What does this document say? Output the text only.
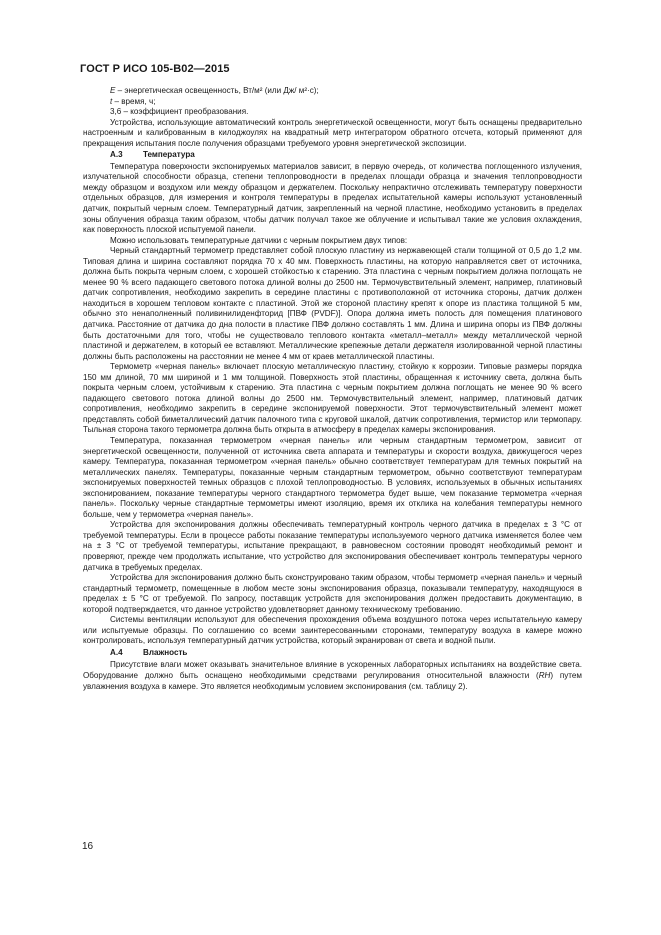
ГОСТ Р ИСО 105-В02—2015

E – энергетическая освещенность, Вт/м² (или Дж/ м²·с);

t – время, ч;

3,6 – коэффициент преобразования.

Устройства, использующие автоматический контроль энергетической освещенности, могут быть оснащены предварительно настроенным и калиброванным в килоджоулях на квадратный метр интегратором обратного отсчета, который применяют для прекращения испытания после получения образцами требуемого уровня энергетической экспозиции.

А.3	Температура

Температура поверхности экспонируемых материалов зависит, в первую очередь, от количества поглощенного излучения, излучательной способности образца, степени теплопроводности в пределах площади образца и значения теплопроводности между образцом и воздухом или между образцом и держателем. Поскольку непрактично отслеживать температуру поверхности отдельных образцов, для измерения и контроля температуры в пределах испытательной камеры используют установленный датчик, покрытый черным слоем. Температурный датчик, закрепленный на черной пластине, необходимо установить в пределах зоны облучения образца таким образом, чтобы датчик получал такое же облучение и испытывал такие же условия охлаждения, как поверхность плоской испытуемой панели.

Можно использовать температурные датчики с черным покрытием двух типов:

Черный стандартный термометр представляет собой плоскую пластину из нержавеющей стали толщиной от 0,5 до 1,2 мм. Типовая длина и ширина составляют порядка 70 х 40 мм. Поверхность пластины, на которую направляется свет от источника, должна быть покрыта черным слоем, с хорошей стойкостью к старению. Эта пластина с черным покрытием должна поглощать не менее 90 % всего падающего светового потока длиной волны до 2500 нм. Термочувствительный элемент, например, платиновый датчик сопротивления, необходимо закрепить в середине пластины с противоположной от источника стороны, датчик должен находиться в хорошем тепловом контакте с пластиной. Этой же стороной пластину крепят к опоре из пластика толщиной 5 мм, обычно это ненаполненный поливинилиденфторид [ПВФ (PVDF)]. Опора должна иметь полость для помещения платинового датчика. Расстояние от датчика до дна полости в пластике ПВФ должно составлять 1 мм. Длина и ширина опоры из ПВФ должны быть достаточными для того, чтобы не существовало теплового контакта «металл–металл» между металлической черной пластиной и держателем, в который ее вставляют. Металлические крепежные детали держателя изолированной черной пластины должны быть расположены на расстоянии не менее 4 мм от краев металлической пластины.

Термометр «черная панель» включает плоскую металлическую пластину, стойкую к коррозии. Типовые размеры порядка 150 мм длиной, 70 мм шириной и 1 мм толщиной. Поверхность этой пластины, обращенная к источнику света, должна быть покрыта черным слоем, устойчивым к старению. Эта пластина с черным покрытием должна поглощать не менее 90 % всего падающего светового потока длиной волны до 2500 нм. Термочувствительный элемент, например, платиновый датчик сопротивления, необходимо закрепить в середине экспонируемой поверхности. Этот термочувствительный элемент может представлять собой биметаллический датчик палочного типа с круговой шкалой, датчик сопротивления, термистор или термопару. Тыльная сторона такого термометра должна быть открыта в атмосферу в пределах камеры экспонирования.

Температура, показанная термометром «черная панель» или черным стандартным термометром, зависит от энергетической освещенности, полученной от источника света аппарата и температуры и скорости воздуха, движущегося через камеру. Температура, показанная термометром «черная панель» обычно соответствует температурам для темных покрытий на металлических панелях. Температуры, показанные черным стандартным термометром, обычно соответствуют температурам экспонируемых поверхностей темных образцов с плохой теплопроводностью. В условиях, используемых в обычных испытаниях экспонированием, показание температуры черного стандартного термометра будет выше, чем показание термометра «черная панель». Поскольку черные стандартные термометры имеют изоляцию, время их отклика на колебания температуры немного больше, чем у термометра «черная панель».

Устройства для экспонирования должны обеспечивать температурный контроль черного датчика в пределах ± 3 °С от требуемой температуры. Если в процессе работы показание температуры используемого черного датчика изменяется более чем на ± 3 °С от требуемой температуры, испытание прекращают, в равновесном состоянии проводят необходимый ремонт и проверяют, прежде чем продолжать испытание, что устройство для экспонирования обеспечивает контроль температуры черного датчика в требуемых пределах.

Устройства для экспонирования должно быть сконструировано таким образом, чтобы термометр «черная панель» и черный стандартный термометр, помещенные в любом месте зоны экспонирования образца, показывали температуру, находящуюся в пределах ± 5 °С от требуемой. По запросу, поставщик устройств для экспонирования должен предоставить документацию, в которой подтверждается, что данное устройство удовлетворяет данному техническому требованию.

Системы вентиляции используют для обеспечения прохождения объема воздушного потока через испытательную камеру или испытуемые образцы. По соглашению со всеми заинтересованными сторонами, температуру воздуха в камере можно контролировать, используя температурный датчик устройства, который экранирован от света и водной пыли.

А.4	Влажность

Присутствие влаги может оказывать значительное влияние в ускоренных лабораторных испытаниях на воздействие света. Оборудование должно быть оснащено необходимыми средствами регулирования относительной влажности (RH) путем увлажнения воздуха в камере. Это является необходимым условием экспонирования (см. таблицу 2).

16
